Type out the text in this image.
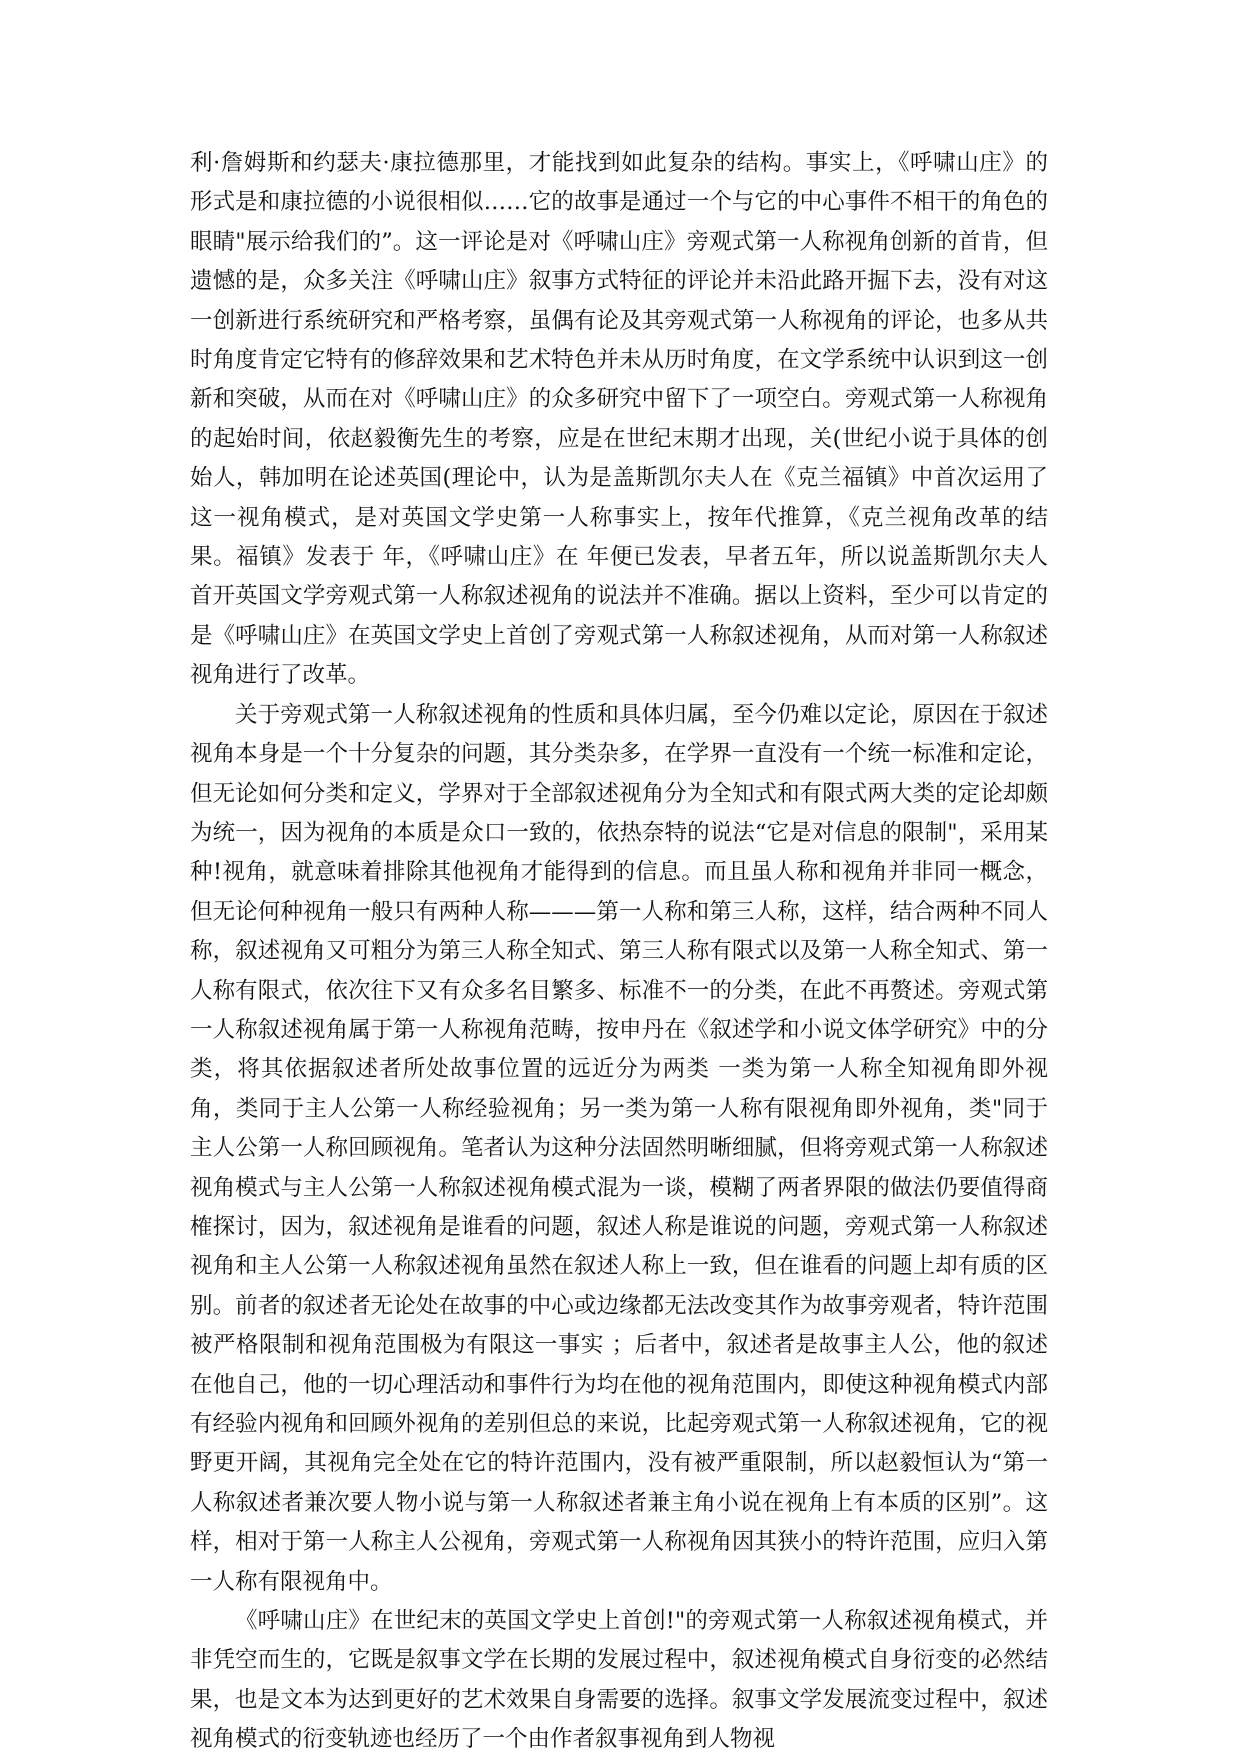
利·詹姆斯和约瑟夫·康拉德那里，才能找到如此复杂的结构。事实上，《呼啸山庄》的形式是和康拉德的小说很相似……它的故事是通过一个与它的中心事件不相干的角色的眼睛"展示给我们的”。这一评论是对《呼啸山庄》旁观式第一人称视角创新的首肯，但遗憾的是，众多关注《呼啸山庄》叙事方式特征的评论并未沿此路开掘下去，没有对这一创新进行系统研究和严格考察，虽偶有论及其旁观式第一人称视角的评论，也多从共时角度肯定它特有的修辞效果和艺术特色并未从历时角度，在文学系统中认识到这一创新和突破，从而在对《呼啸山庄》的众多研究中留下了一项空白。旁观式第一人称视角的起始时间，依赵毅衡先生的考察，应是在世纪末期才出现，关(世纪小说于具体的创始人，韩加明在论述英国(理论中，认为是盖斯凯尔夫人在《克兰福镇》中首次运用了这一视角模式，是对英国文学史第一人称事实上，按年代推算，《克兰视角改革的结果。福镇》发表于 年，《呼啸山庄》在 年便已发表，早者五年，所以说盖斯凯尔夫人首开英国文学旁观式第一人称叙述视角的说法并不准确。据以上资料，至少可以肯定的是《呼啸山庄》在英国文学史上首创了旁观式第一人称叙述视角，从而对第一人称叙述视角进行了改革。

关于旁观式第一人称叙述视角的性质和具体归属，至今仍难以定论，原因在于叙述视角本身是一个十分复杂的问题，其分类杂多，在学界一直没有一个统一标准和定论，但无论如何分类和定义，学界对于全部叙述视角分为全知式和有限式两大类的定论却颇为统一，因为视角的本质是众口一致的，依热奈特的说法“它是对信息的限制"，采用某种!视角，就意味着排除其他视角才能得到的信息。而且虽人称和视角并非同一概念，但无论何种视角一般只有两种人称———第一人称和第三人称，这样，结合两种不同人称，叙述视角又可粗分为第三人称全知式、第三人称有限式以及第一人称全知式、第一人称有限式，依次往下又有众多名目繁多、标准不一的分类，在此不再赘述。旁观式第一人称叙述视角属于第一人称视角范畴，按申丹在《叙述学和小说文体学研究》中的分类，将其依据叙述者所处故事位置的远近分为两类 一类为第一人称全知视角即外视角，类同于主人公第一人称经验视角；另一类为第一人称有限视角即外视角，类"同于主人公第一人称回顾视角。笔者认为这种分法固然明晰细腻，但将旁观式第一人称叙述视角模式与主人公第一人称叙述视角模式混为一谈，模糊了两者界限的做法仍要值得商榷探讨，因为，叙述视角是谁看的问题，叙述人称是谁说的问题，旁观式第一人称叙述视角和主人公第一人称叙述视角虽然在叙述人称上一致，但在谁看的问题上却有质的区别。前者的叙述者无论处在故事的中心或边缘都无法改变其作为故事旁观者，特许范围被严格限制和视角范围极为有限这一事实 ；后者中，叙述者是故事主人公，他的叙述在他自己，他的一切心理活动和事件行为均在他的视角范围内，即使这种视角模式内部有经验内视角和回顾外视角的差别但总的来说，比起旁观式第一人称叙述视角，它的视野更开阔，其视角完全处在它的特许范围内，没有被严重限制，所以赵毅恒认为“第一人称叙述者兼次要人物小说与第一人称叙述者兼主角小说在视角上有本质的区别”。这样，相对于第一人称主人公视角，旁观式第一人称视角因其狭小的特许范围，应归入第一人称有限视角中。

《呼啸山庄》在世纪末的英国文学史上首创!"的旁观式第一人称叙述视角模式，并非凭空而生的，它既是叙事文学在长期的发展过程中，叙述视角模式自身衍变的必然结果，也是文本为达到更好的艺术效果自身需要的选择。叙事文学发展流变过程中，叙述视角模式的衍变轨迹也经历了一个由作者叙事视角到人物视
